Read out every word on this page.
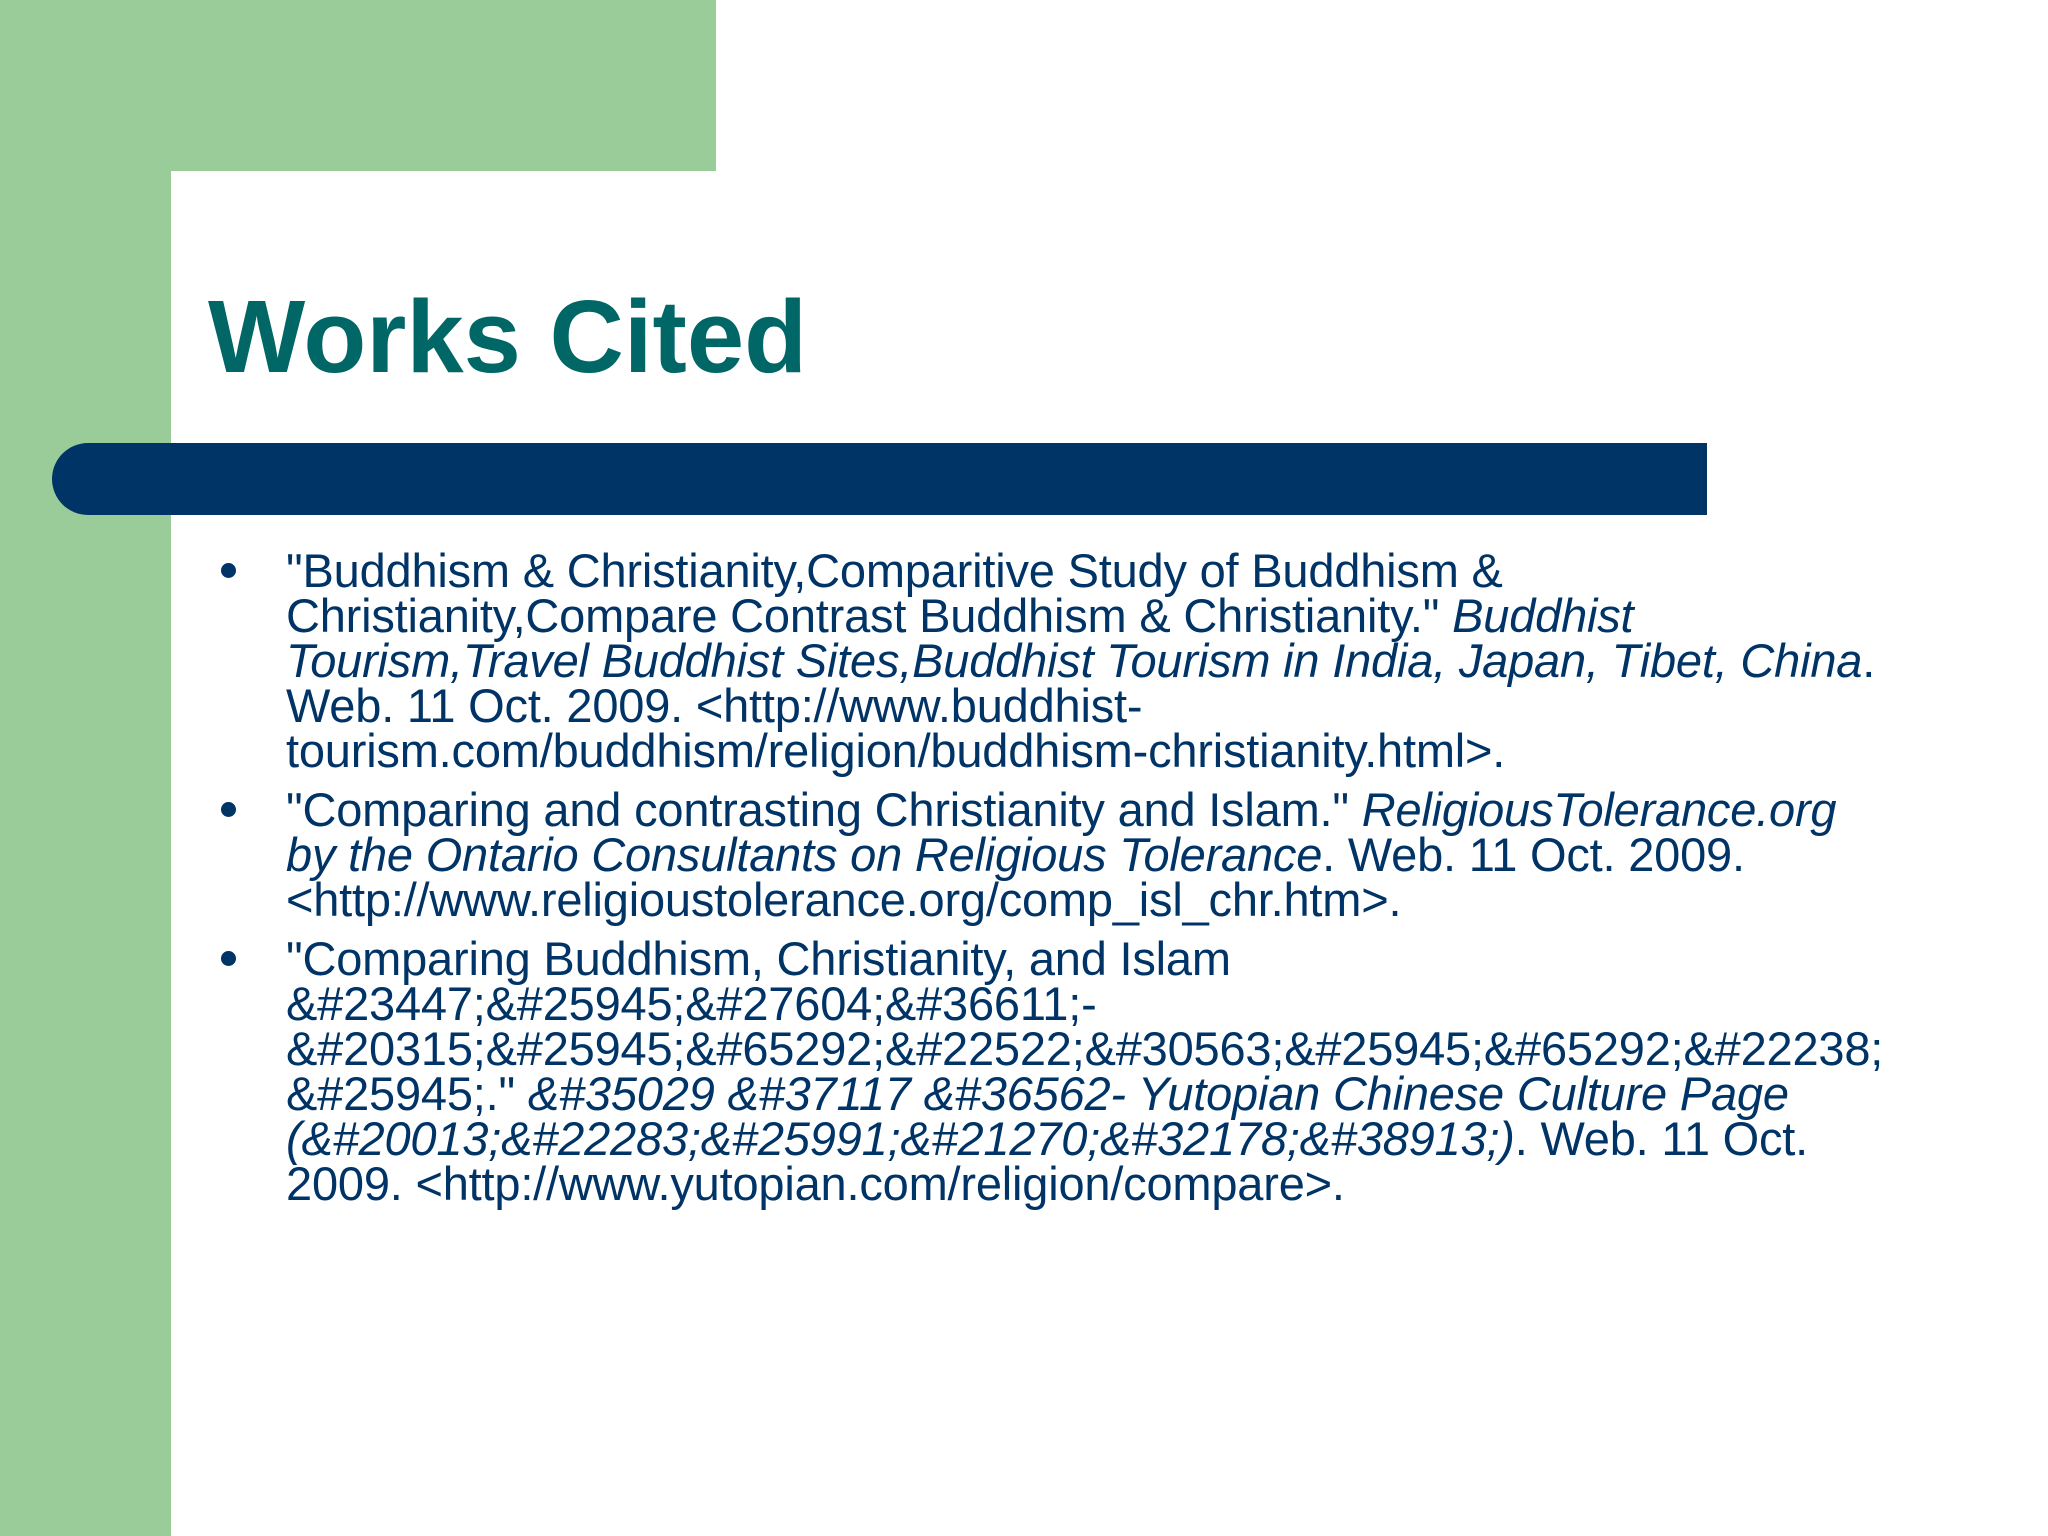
Works Cited
"Buddhism & Christianity,Comparitive Study of Buddhism & Christianity,Compare Contrast Buddhism & Christianity." Buddhist Tourism,Travel Buddhist Sites,Buddhist Tourism in India, Japan, Tibet, China. Web. 11 Oct. 2009. <http://www.buddhist-tourism.com/buddhism/religion/buddhism-christianity.html>.
"Comparing and contrasting Christianity and Islam." ReligiousTolerance.org by the Ontario Consultants on Religious Tolerance. Web. 11 Oct. 2009. <http://www.religioustolerance.org/comp_isl_chr.htm>.
"Comparing Buddhism, Christianity, and Islam &#23447;&#25945;&#27604;&#36611;-&#20315;&#25945;&#65292;&#22522;&#30563;&#25945;&#65292;&#22238;&#25945;." &#35029 &#37117 &#36562- Yutopian Chinese Culture Page (&#20013;&#22283;&#25991;&#21270;&#32178;&#38913;). Web. 11 Oct. 2009. <http://www.yutopian.com/religion/compare>.
